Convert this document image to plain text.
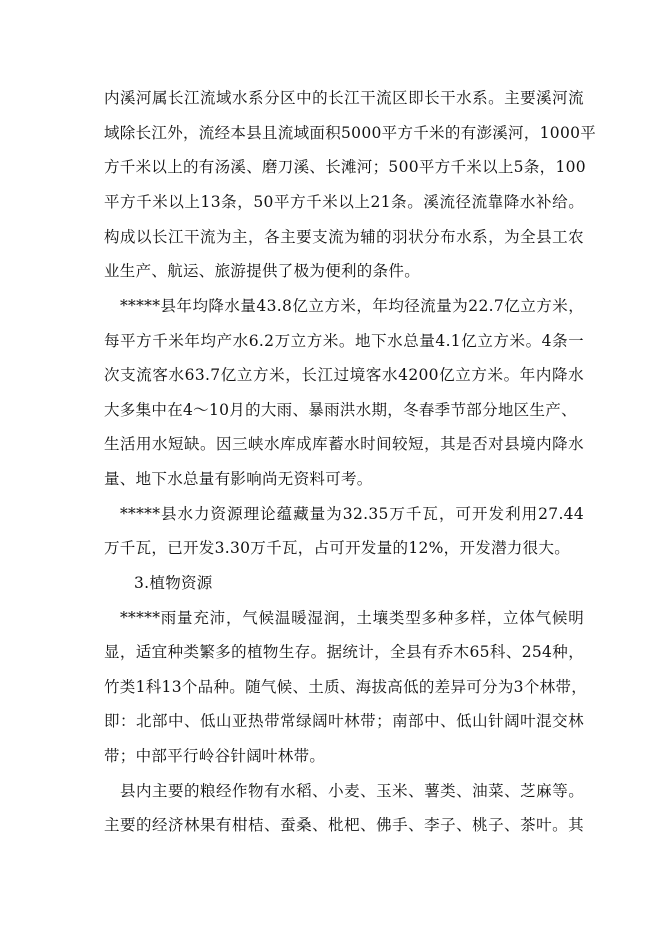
内溪河属长江流域水系分区中的长江干流区即长干水系。主要溪河流
域除长江外，流经本县且流域面积5000平方千米的有澎溪河，1000平
方千米以上的有汤溪、磨刀溪、长滩河；500平方千米以上5条，100
平方千米以上13条，50平方千米以上21条。溪流径流靠降水补给。
构成以长江干流为主，各主要支流为辅的羽状分布水系，为全县工农
业生产、航运、旅游提供了极为便利的条件。
*****县年均降水量43.8亿立方米，年均径流量为22.7亿立方米，
每平方千米年均产水6.2万立方米。地下水总量4.1亿立方米。4条一
次支流客水63.7亿立方米，长江过境客水4200亿立方米。年内降水
大多集中在4～10月的大雨、暴雨洪水期，冬春季节部分地区生产、
生活用水短缺。因三峡水库成库蓄水时间较短，其是否对县境内降水
量、地下水总量有影响尚无资料可考。
*****县水力资源理论蕴藏量为32.35万千瓦，可开发利用27.44
万千瓦，已开发3.30万千瓦，占可开发量的12%，开发潜力很大。
3.植物资源
*****雨量充沛，气候温暖湿润，土壤类型多种多样，立体气候明
显，适宜种类繁多的植物生存。据统计，全县有乔木65科、254种，
竹类1科13个品种。随气候、土质、海拔高低的差异可分为3个林带，
即：北部中、低山亚热带常绿阔叶林带；南部中、低山针阔叶混交林
带；中部平行岭谷针阔叶林带。
县内主要的粮经作物有水稻、小麦、玉米、薯类、油菜、芝麻等。
主要的经济林果有柑桔、蚕桑、枇杷、佛手、李子、桃子、茶叶。其
